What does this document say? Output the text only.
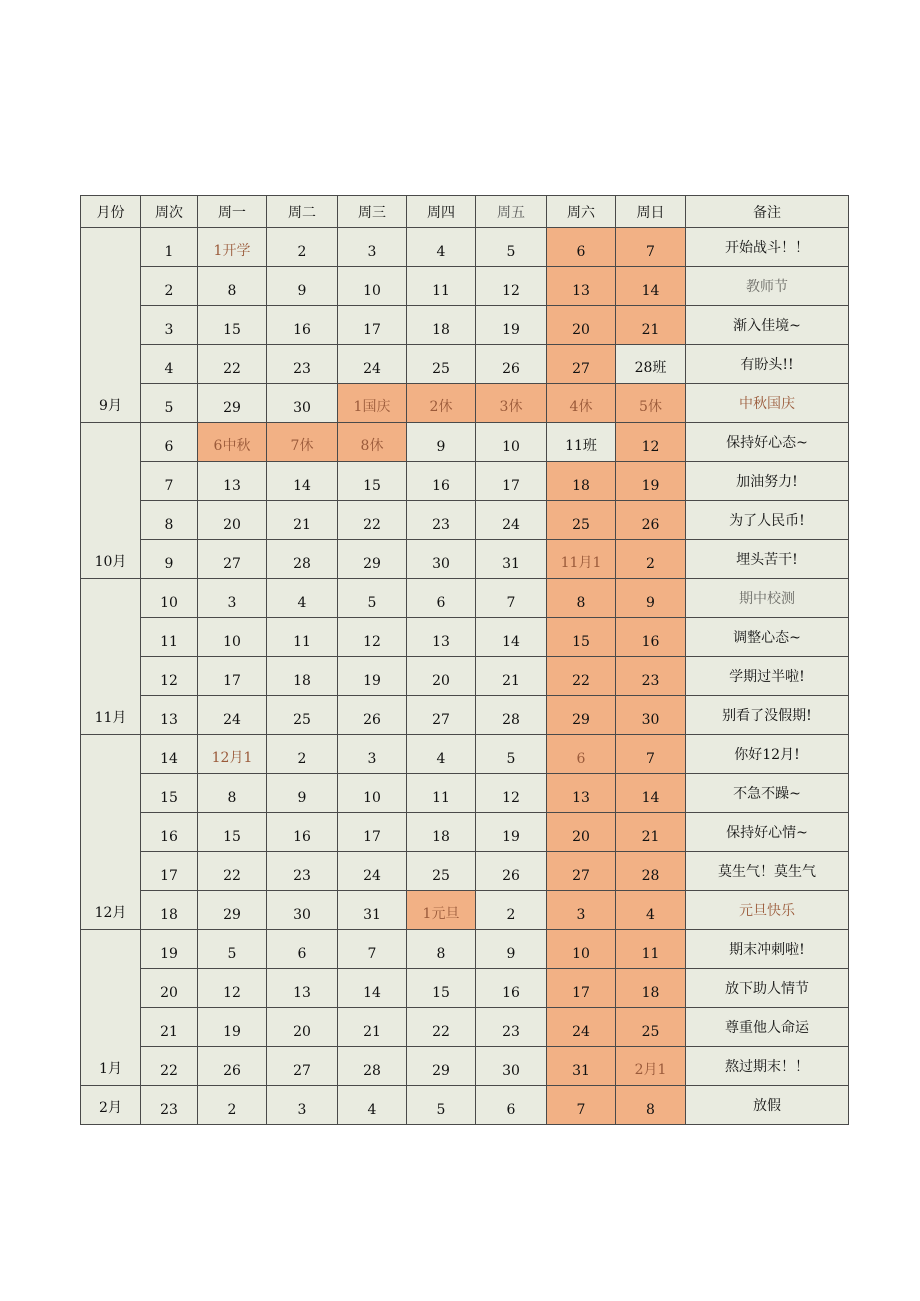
月份	周次	周一	周二	周三	周四	周五	周六	周日	备注
9月	1	1开学	2	3	4	5	6	7	开始战斗！！
	2	8	9	10	11	12	13	14	教师节
	3	15	16	17	18	19	20	21	渐入佳境~
	4	22	23	24	25	26	27	28班	有盼头!!
	5	29	30	1国庆	2休	3休	4休	5休	中秋国庆
10月	6	6中秋	7休	8休	9	10	11班	12	保持好心态~
	7	13	14	15	16	17	18	19	加油努力!
	8	20	21	22	23	24	25	26	为了人民币!
	9	27	28	29	30	31	11月1	2	埋头苦干!
11月	10	3	4	5	6	7	8	9	期中校测
	11	10	11	12	13	14	15	16	调整心态~
	12	17	18	19	20	21	22	23	学期过半啦!
	13	24	25	26	27	28	29	30	别看了没假期!
12月	14	12月1	2	3	4	5	6	7	你好12月!
	15	8	9	10	11	12	13	14	不急不躁~
	16	15	16	17	18	19	20	21	保持好心情~
	17	22	23	24	25	26	27	28	莫生气！莫生气
	18	29	30	31	1元旦	2	3	4	元旦快乐
1月	19	5	6	7	8	9	10	11	期末冲刺啦!
	20	12	13	14	15	16	17	18	放下助人情节
	21	19	20	21	22	23	24	25	尊重他人命运
	22	26	27	28	29	30	31	2月1	熬过期末！！
2月	23	2	3	4	5	6	7	8	放假
